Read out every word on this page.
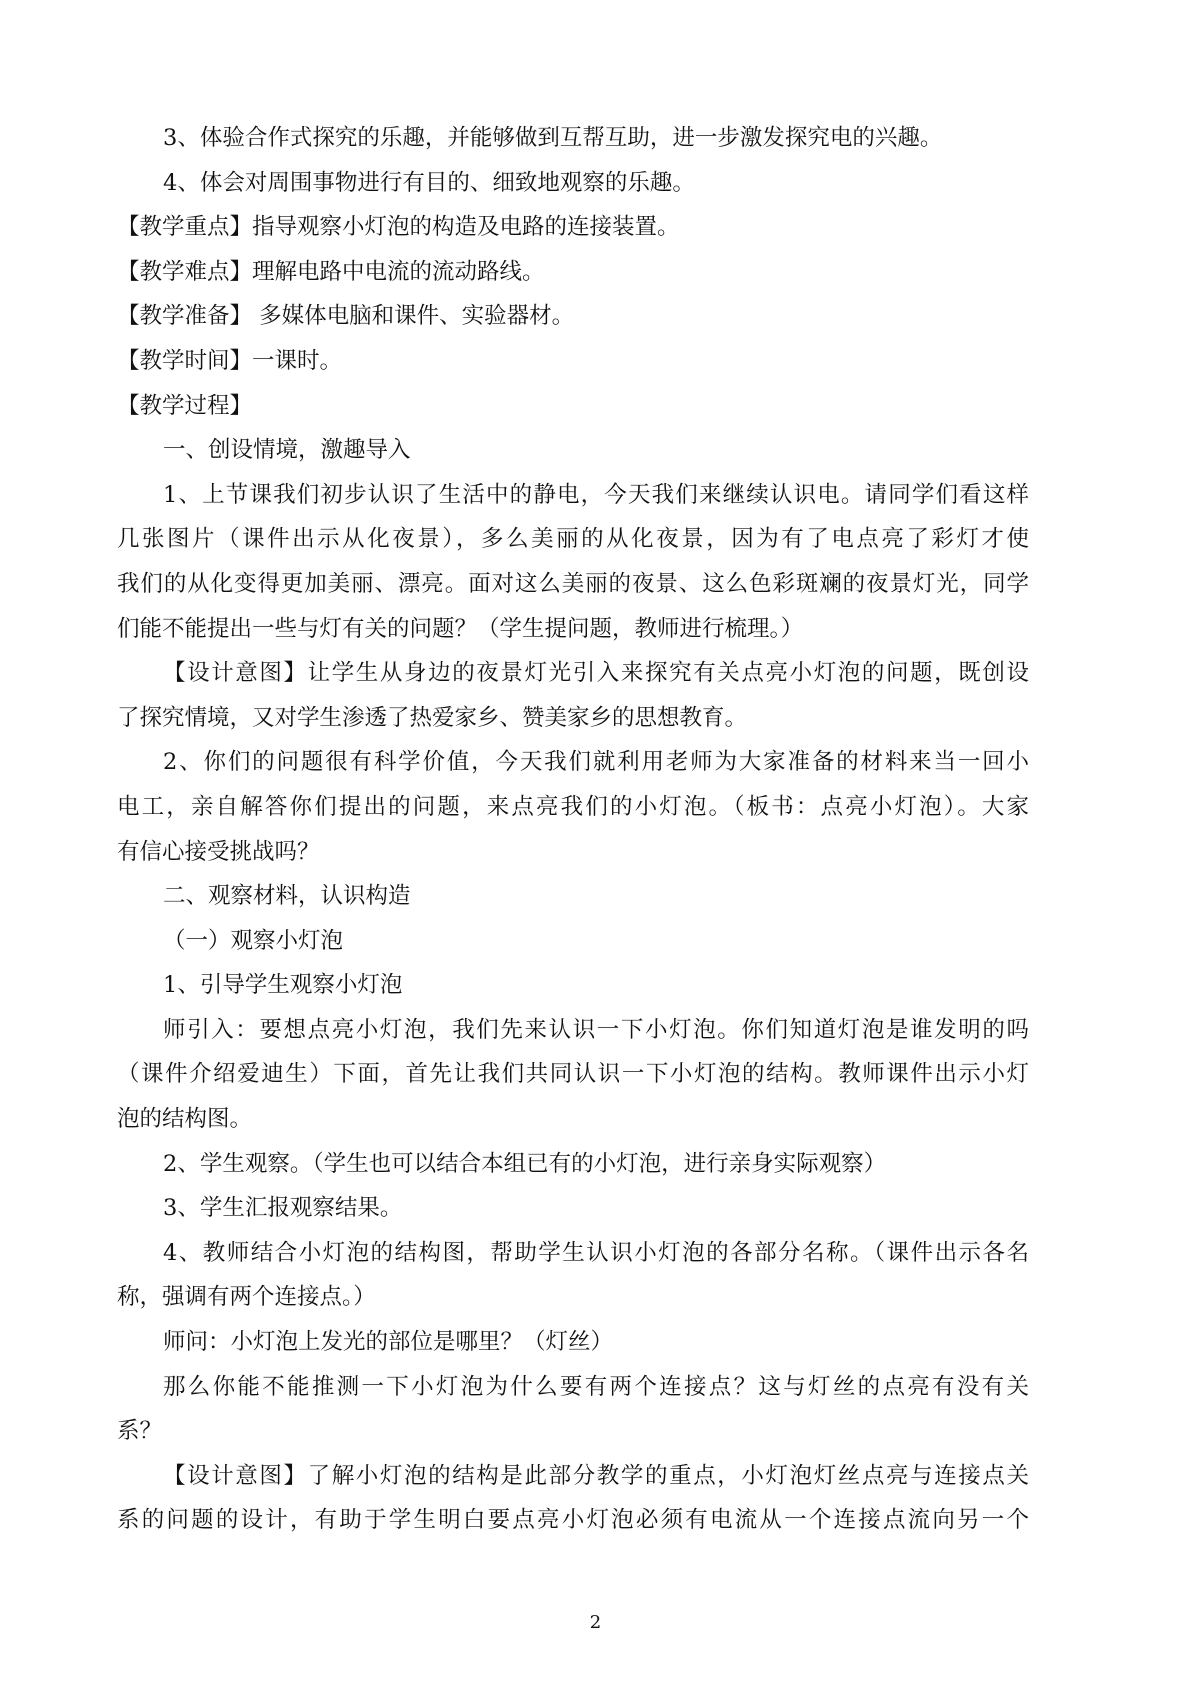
3、体验合作式探究的乐趣，并能够做到互帮互助，进一步激发探究电的兴趣。

4、体会对周围事物进行有目的、细致地观察的乐趣。

【教学重点】指导观察小灯泡的构造及电路的连接装置。

【教学难点】理解电路中电流的流动路线。

【教学准备】 多媒体电脑和课件、实验器材。

【教学时间】一课时。

【教学过程】

一、创设情境，激趣导入

1、上节课我们初步认识了生活中的静电，今天我们来继续认识电。请同学们看这样

几张图片（课件出示从化夜景），多么美丽的从化夜景，因为有了电点亮了彩灯才使

我们的从化变得更加美丽、漂亮。面对这么美丽的夜景、这么色彩斑斓的夜景灯光，同学

们能不能提出一些与灯有关的问题？（学生提问题，教师进行梳理。）

【设计意图】让学生从身边的夜景灯光引入来探究有关点亮小灯泡的问题，既创设

了探究情境，又对学生渗透了热爱家乡、赞美家乡的思想教育。

2、你们的问题很有科学价值，今天我们就利用老师为大家准备的材料来当一回小

电工，亲自解答你们提出的问题，来点亮我们的小灯泡。（板书：点亮小灯泡）。大家

有信心接受挑战吗？

二、观察材料，认识构造

（一）观察小灯泡

1、引导学生观察小灯泡

师引入：要想点亮小灯泡，我们先来认识一下小灯泡。你们知道灯泡是谁发明的吗

（课件介绍爱迪生）下面，首先让我们共同认识一下小灯泡的结构。教师课件出示小灯

泡的结构图。

2、学生观察。（学生也可以结合本组已有的小灯泡，进行亲身实际观察）

3、学生汇报观察结果。

4、教师结合小灯泡的结构图，帮助学生认识小灯泡的各部分名称。（课件出示各名

称，强调有两个连接点。）

师问：小灯泡上发光的部位是哪里？（灯丝）

那么你能不能推测一下小灯泡为什么要有两个连接点？这与灯丝的点亮有没有关

系？

【设计意图】了解小灯泡的结构是此部分教学的重点，小灯泡灯丝点亮与连接点关

系的问题的设计，有助于学生明白要点亮小灯泡必须有电流从一个连接点流向另一个

2
